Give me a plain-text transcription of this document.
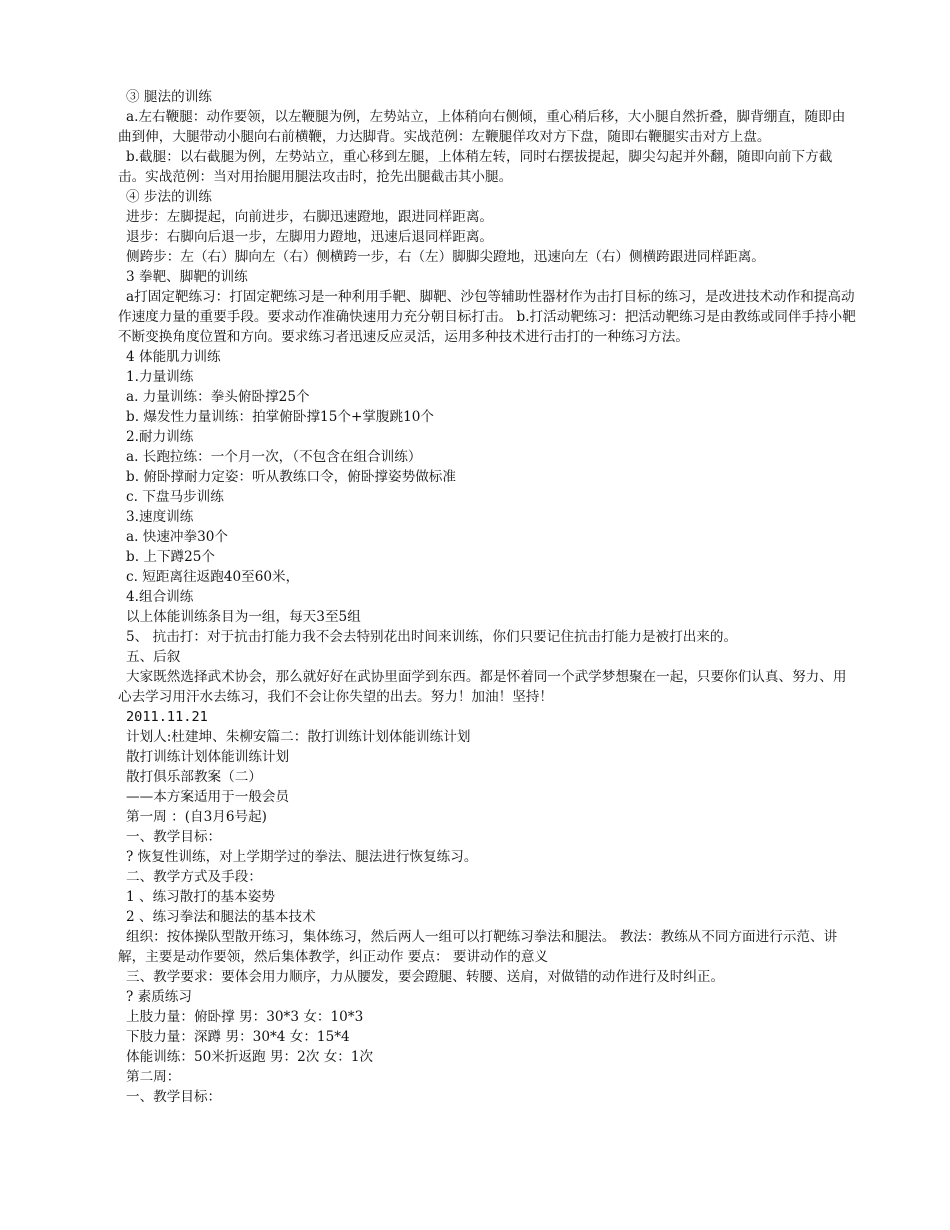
③ 腿法的训练

a.左右鞭腿：动作要领，以左鞭腿为例，左势站立，上体稍向右侧倾，重心稍后移，大小腿自然折叠，脚背绷直，随即由曲到伸，大腿带动小腿向右前横鞭，力达脚背。实战范例：左鞭腿佯攻对方下盘，随即右鞭腿实击对方上盘。

b.截腿：以右截腿为例，左势站立，重心移到左腿，上体稍左转，同时右摆拔提起，脚尖勾起并外翻，随即向前下方截击。实战范例：当对用抬腿用腿法攻击时，抢先出腿截击其小腿。

④ 步法的训练

进步：左脚提起，向前进步，右脚迅速蹬地，跟进同样距离。

退步：右脚向后退一步，左脚用力蹬地，迅速后退同样距离。

侧跨步：左（右）脚向左（右）侧横跨一步，右（左）脚脚尖蹬地，迅速向左（右）侧横跨跟进同样距离。

3 拳靶、脚靶的训练

a打固定靶练习：打固定靶练习是一种利用手靶、脚靶、沙包等辅助性器材作为击打目标的练习，是改进技术动作和提高动作速度力量的重要手段。要求动作准确快速用力充分朝目标打击。 b.打活动靶练习：把活动靶练习是由教练或同伴手持小靶不断变换角度位置和方向。要求练习者迅速反应灵活，运用多种技术进行击打的一种练习方法。

4 体能肌力训练

1.力量训练

a. 力量训练：拳头俯卧撑25个

b. 爆发性力量训练：拍掌俯卧撑15个+掌腹跳10个

2.耐力训练

a. 长跑拉练：一个月一次，（不包含在组合训练）

b. 俯卧撑耐力定姿：听从教练口令，俯卧撑姿势做标准

c. 下盘马步训练

3.速度训练

a. 快速冲拳30个

b. 上下蹲25个

c. 短距离往返跑40至60米，

4.组合训练

以上体能训练条目为一组，每天3至5组

5、 抗击打：对于抗击打能力我不会去特别花出时间来训练，你们只要记住抗击打能力是被打出来的。

五、后叙

大家既然选择武术协会，那么就好好在武协里面学到东西。都是怀着同一个武学梦想聚在一起，只要你们认真、努力、用心去学习用汗水去练习，我们不会让你失望的出去。努力！加油！坚持！

2011.11.21

计划人:杜建坤、朱柳安篇二：散打训练计划体能训练计划

散打训练计划体能训练计划

散打俱乐部教案（二）

——本方案适用于一般会员

第一周 ：(自3月6号起)

一、教学目标：

? 恢复性训练，对上学期学过的拳法、腿法进行恢复练习。

二、教学方式及手段：

1 、练习散打的基本姿势

2 、练习拳法和腿法的基本技术

组织：按体操队型散开练习，集体练习，然后两人一组可以打靶练习拳法和腿法。 教法：教练从不同方面进行示范、讲解，主要是动作要领，然后集体教学，纠正动作 要点： 要讲动作的意义

三、教学要求：要体会用力顺序，力从腰发，要会蹬腿、转腰、送肩，对做错的动作进行及时纠正。

? 素质练习

上肢力量：俯卧撑 男：30*3 女：10*3

下肢力量：深蹲 男：30*4 女：15*4

体能训练：50米折返跑 男：2次 女：1次

第二周：

一、教学目标：
